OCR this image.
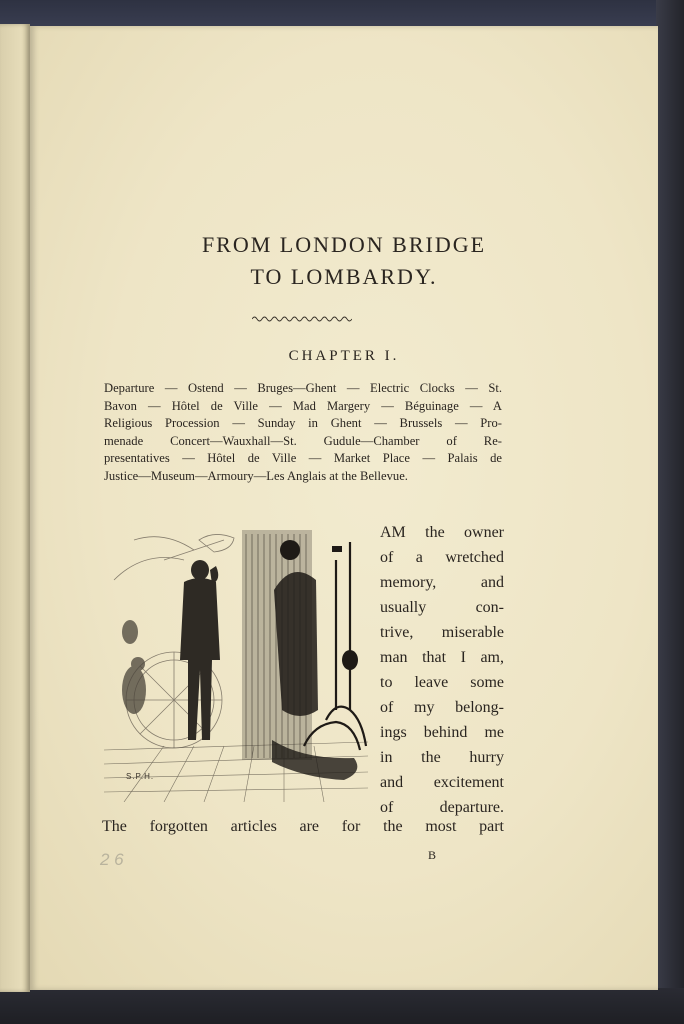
FROM LONDON BRIDGE
TO LOMBARDY.
CHAPTER I.
Departure — Ostend — Bruges—Ghent — Electric Clocks — St.
Bavon — Hôtel de Ville — Mad Margery — Béguinage — A
Religious Procession — Sunday in Ghent — Brussels — Pro-
menade Concert—Wauxhall—St. Gudule—Chamber of Re-
presentatives — Hôtel de Ville — Market Place — Palais de
Justice—Museum—Armoury—Les Anglais at the Bellevue.
S.P.H.
AM the owner
of a wretched
memory, and
usually con-
trive, miserable
man that I am,
to leave some
of my belong-
ings behind me
in the hurry
and excitement
of departure.
The forgotten articles are for the most part
2 6	B
